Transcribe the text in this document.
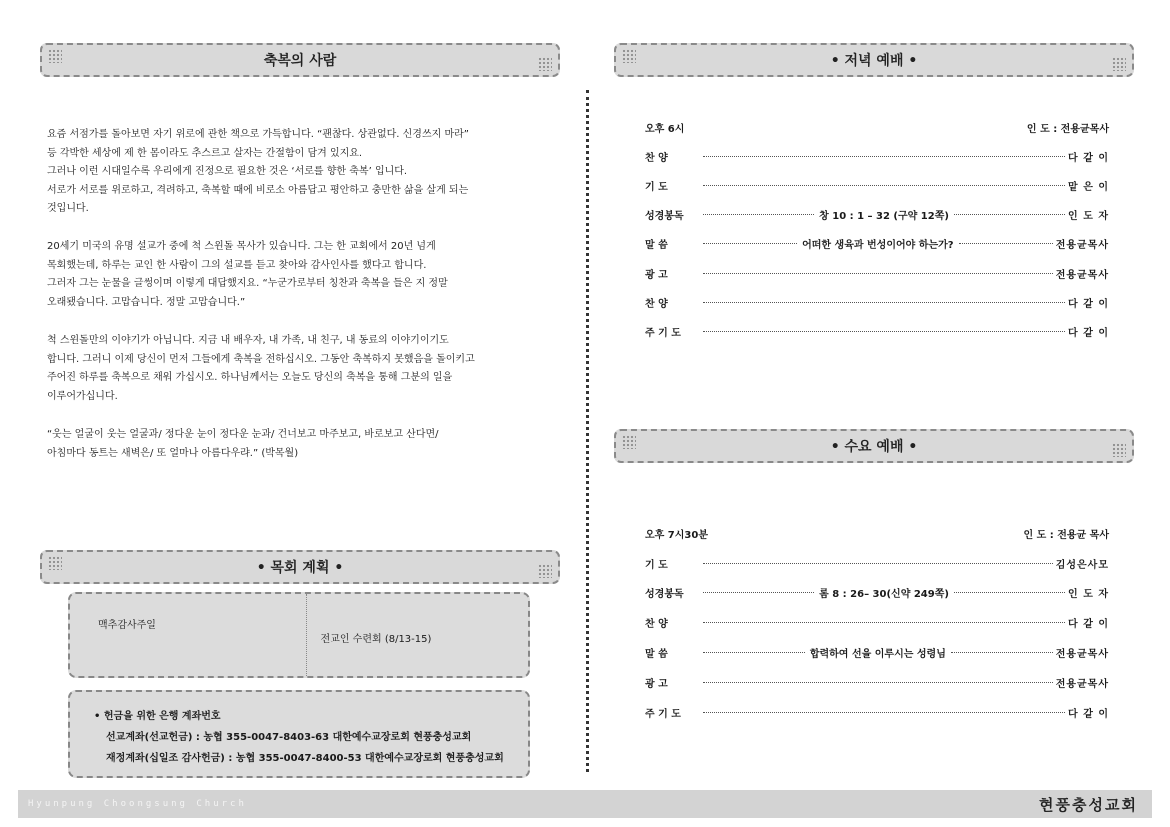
축복의 사람

요즘 서점가를 돌아보면 자기 위로에 관한 책으로 가득합니다. “괜찮다. 상관없다. 신경쓰지 마라”

등 각박한 세상에 제 한 몸이라도 추스르고 살자는 간절함이 담겨 있지요.

그러나 이런 시대일수록 우리에게 진정으로 필요한 것은 ‘서로를 향한 축복’ 입니다.

서로가 서로를 위로하고, 격려하고, 축복할 때에 비로소 아름답고 평안하고 충만한 삶을 살게 되는

것입니다.

20세기 미국의 유명 설교가 중에 척 스윈돌 목사가 있습니다. 그는 한 교회에서 20년 넘게

목회했는데, 하루는 교인 한 사람이 그의 설교를 듣고 찾아와 감사인사를 했다고 합니다.

그러자 그는 눈물을 글썽이며 이렇게 대답했지요. “누군가로부터 칭찬과 축복을 들은 지 정말

오래됐습니다. 고맙습니다. 정말 고맙습니다.”

척 스윈돌만의 이야기가 아닙니다. 지금 내 배우자, 내 가족, 내 친구, 내 동료의 이야기이기도

합니다. 그러니 이제 당신이 먼저 그들에게 축복을 전하십시오. 그동안 축복하지 못했음을 돌이키고

주어진 하루를 축복으로 채워 가십시오. 하나님께서는 오늘도 당신의 축복을 통해 그분의 일을

이루어가십니다.

“웃는 얼굴이 웃는 얼굴과/ 정다운 눈이 정다운 눈과/ 건너보고 마주보고, 바로보고 산다면/

아침마다 동트는 새벽은/ 또 얼마나 아름다우랴.” (박목월)

• 목회 계획 •
맥추감사주일
전교인 수련회 (8/13-15)
• 헌금을 위한 은행 계좌번호
선교계좌(선교헌금) : 농협 355-0047-8403-63 대한예수교장로회 현풍충성교회
재정계좌(십일조 감사헌금) : 농협 355-0047-8400-53 대한예수교장로회 현풍충성교회
• 저녁 예배 •
오후 6시	인 도 : 전용균목사
찬 양	다 같 이
기 도	맡 은 이
성경봉독	창 10 : 1 – 32 (구약 12쪽)	인 도 자
말 씀	어떠한 생육과 번성이어야 하는가?	전용균목사
광 고	전용균목사
찬 양	다 같 이
주 기 도	다 같 이
• 수요 예배 •
오후 7시30분	인 도 : 전용균 목사
기 도	김성은사모
성경봉독	롬 8 : 26– 30(신약 249쪽)	인 도 자
찬 양	다 같 이
말 씀	합력하여 선을 이루시는 성령님	전용균목사
광 고	전용균목사
주 기 도	다 같 이
Hyunpung Choongsung Church	현풍충성교회
